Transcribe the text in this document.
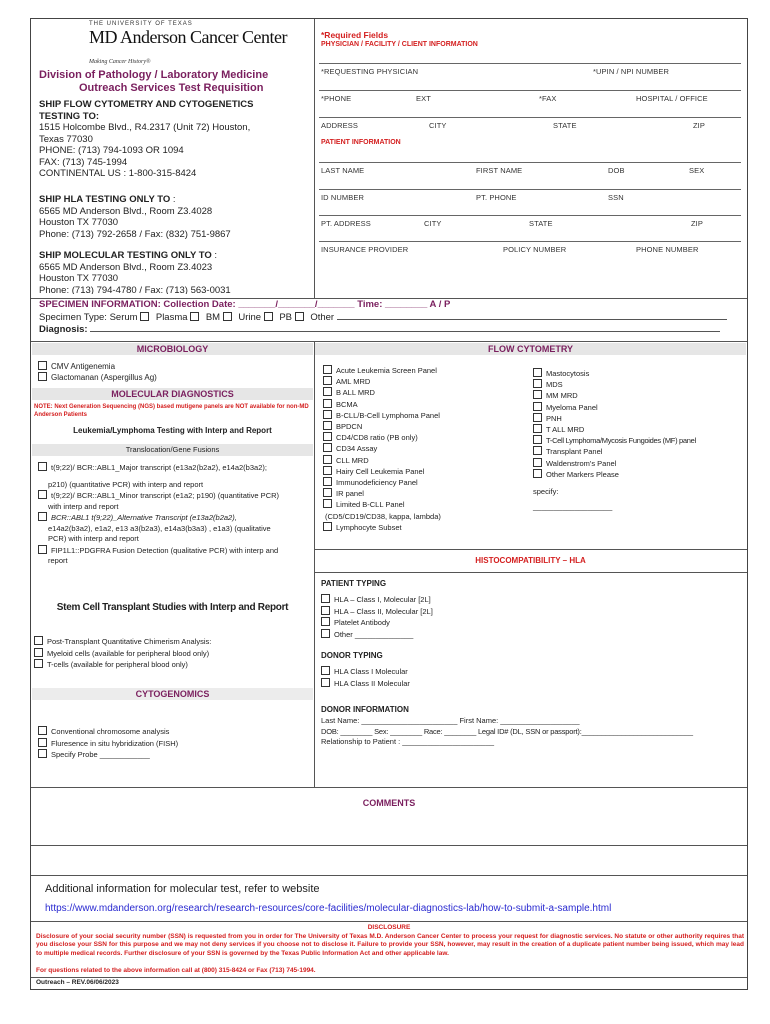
THE UNIVERSITY OF TEXAS
MD Anderson Cancer Center
Making Cancer History®
Division of Pathology / Laboratory Medicine
Outreach Services Test Requisition
SHIP FLOW CYTOMETRY AND CYTOGENETICS TESTING TO:
1515 Holcombe Blvd., R4.2317 (Unit 72) Houston,
Texas 77030
PHONE: (713) 794-1093 OR 1094
FAX: (713) 745-1994
CONTINENTAL US : 1-800-315-8424
SHIP HLA TESTING ONLY TO :
6565 MD Anderson Blvd., Room Z3.4028
Houston TX 77030
Phone: (713) 792-2658 / Fax: (832) 751-9867
SHIP MOLECULAR TESTING ONLY TO :
6565 MD Anderson Blvd., Room Z3.4023
Houston TX 77030
Phone: (713) 794-4780 / Fax: (713) 563-0031
*Required Fields
PHYSICIAN / FACILITY / CLIENT INFORMATION
*REQUESTING PHYSICIAN	*UPIN / NPI NUMBER
*PHONE	EXT	*FAX	HOSPITAL / OFFICE
ADDRESS	CITY	STATE	ZIP
PATIENT INFORMATION
LAST NAME	FIRST NAME	DOB	SEX
ID NUMBER	PT. PHONE	SSN
PT. ADDRESS	CITY	STATE	ZIP
INSURANCE PROVIDER	POLICY NUMBER	PHONE NUMBER
SPECIMEN INFORMATION: Collection Date: _______/_______/_______ Time: ________ A / P
Specimen Type: Serum Plasma BM Urine PB Other
Diagnosis:
MICROBIOLOGY
CMV Antigenemia
Glactomanan (Aspergillus Ag)
MOLECULAR DIAGNOSTICS
NOTE: Next Generation Sequencing (NGS) based mutigene panels are NOT available for non-MD Anderson Patients
Leukemia/Lymphoma Testing with Interp and Report
Translocation/Gene Fusions
t(9;22)/ BCR::ABL1_Major transcript (e13a2(b2a2), e14a2(b3a2);
p210) (quantitative PCR) with interp and report
t(9;22)/ BCR::ABL1_Minor transcript (e1a2; p190) (quantitative PCR)
with interp and report
BCR::ABL1 t(9;22)_Alternative Transcript (e13a2(b2a2),
e14a2(b3a2), e1a2, e13 a3(b2a3), e14a3(b3a3) , e1a3) (qualitative
PCR) with interp and report
FIP1L1::PDGFRA Fusion Detection (qualitative PCR) with interp and
report
Stem Cell Transplant Studies with Interp and Report
Post-Transplant Quantitative Chimerism Analysis:
Myeloid cells (available for peripheral blood only)
T-cells (available for peripheral blood only)
CYTOGENOMICS
Conventional chromosome analysis
Fluresence in situ hybridization (FISH)
Specify Probe ____________
FLOW CYTOMETRY
Acute Leukemia Screen Panel
AML MRD
B ALL MRD
BCMA
B-CLL/B-Cell Lymphoma Panel
BPDCN
CD4/CD8 ratio (PB only)
CD34 Assay
CLL MRD
Hairy Cell Leukemia Panel
Immunodeficiency Panel
IR panel
Limited B-CLL Panel
(CD5/CD19/CD38, kappa, lambda)
Lymphocyte Subset
Mastocytosis
MDS
MM MRD
Myeloma Panel
PNH
T ALL MRD
T-Cell Lymphoma/Mycosis Fungoides (MF) panel
Transplant Panel
Waldenstrom's Panel
Other Markers Please
specify:
___________________
HISTOCOMPATIBILITY – HLA
PATIENT TYPING
HLA – Class I, Molecular [2L]
HLA – Class II, Molecular [2L]
Platelet Antibody
Other ______________
DONOR TYPING
HLA Class I Molecular
HLA Class II Molecular
DONOR INFORMATION
Last Name: _______________________ First Name: ___________________
DOB: ________ Sex: ________ Race: ________ Legal ID# (DL, SSN or passport):____________________________
Relationship to Patient : ______________________
COMMENTS
Additional information for molecular test, refer to website
https://www.mdanderson.org/research/research-resources/core-facilities/molecular-diagnostics-lab/how-to-submit-a-sample.html
DISCLOSURE
Disclosure of your social security number (SSN) is requested from you in order for The University of Texas M.D. Anderson Cancer Center to process your request for diagnostic services. No statute or other authority requires that you disclose your SSN for this purpose and we may not deny services if you choose not to disclose it. Failure to provide your SSN, however, may result in the creation of a duplicate patient number being issued, which may lead to multiple medical records. Further disclosure of your SSN is governed by the Texas Public Information Act and other applicable law.
For questions related to the above information call at (800) 315-8424 or Fax (713) 745-1994.
Outreach – REV.06/06/2023
